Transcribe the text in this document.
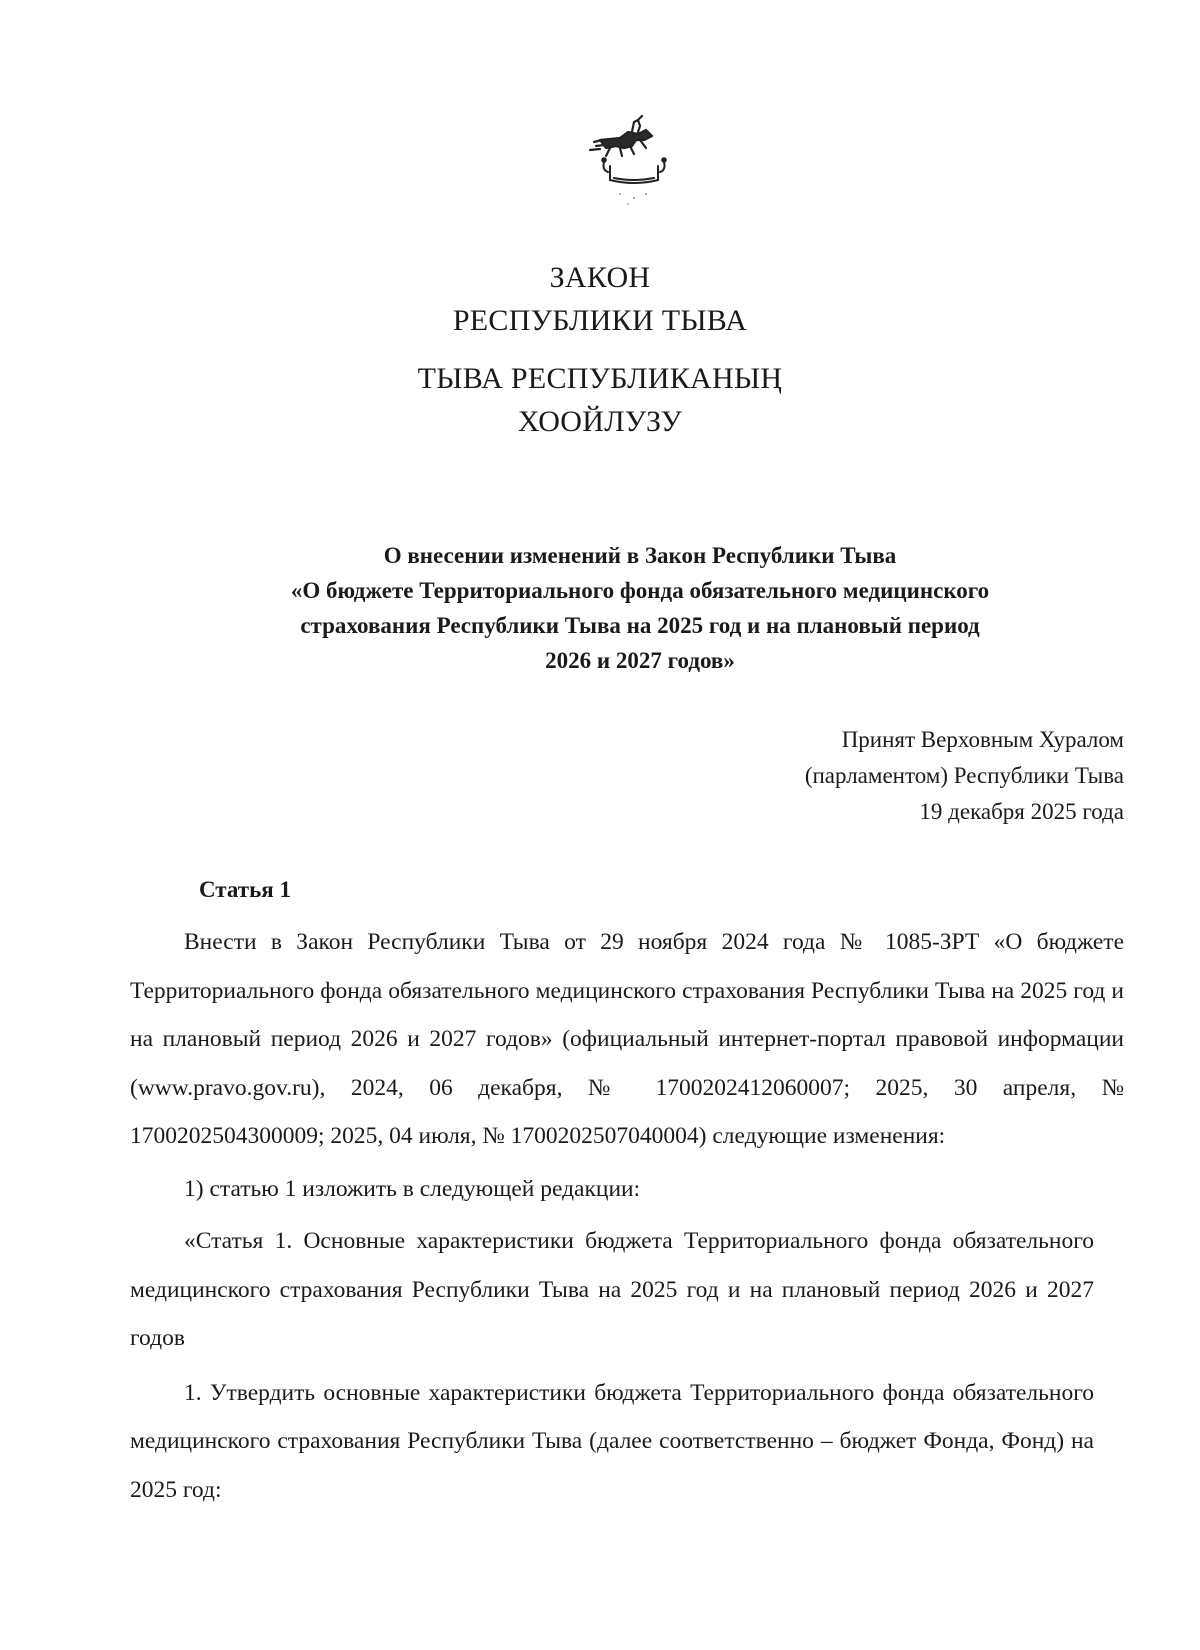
ЗАКОН
РЕСПУБЛИКИ ТЫВА
ТЫВА РЕСПУБЛИКАНЫҢ
ХООЙЛУЗУ
О внесении изменений в Закон Республики Тыва
«О бюджете Территориального фонда обязательного медицинского
страхования Республики Тыва на 2025 год и на плановый период
2026 и 2027 годов»
Принят Верховным Хуралом
(парламентом) Республики Тыва
19 декабря 2025 года
Статья 1

Внести в Закон Республики Тыва от 29 ноября 2024 года № 1085-ЗРТ «О бюджете Территориального фонда обязательного медицинского страхования Республики Тыва на 2025 год и на плановый период 2026 и 2027 годов» (официальный интернет-портал правовой информации (www.pravo.gov.ru), 2024, 06 декабря, № 1700202412060007; 2025, 30 апреля, № 1700202504300009; 2025, 04 июля, № 1700202507040004) следующие изменения:

1) статью 1 изложить в следующей редакции:

«Статья 1. Основные характеристики бюджета Территориального фонда обязательного медицинского страхования Республики Тыва на 2025 год и на плановый период 2026 и 2027 годов

1. Утвердить основные характеристики бюджета Территориального фонда обязательного медицинского страхования Республики Тыва (далее соответственно – бюджет Фонда, Фонд) на 2025 год:
